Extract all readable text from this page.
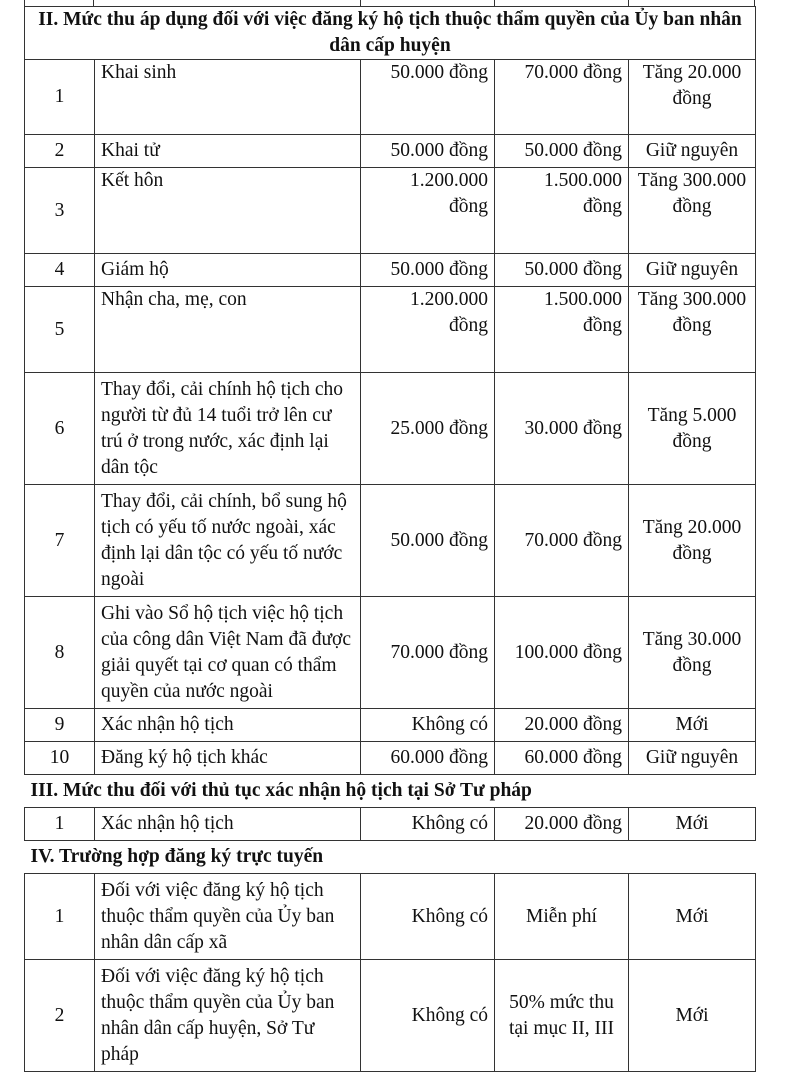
II. Mức thu áp dụng đối với việc đăng ký hộ tịch thuộc thẩm quyền của Ủy ban nhân dân cấp huyện				
1	Khai sinh	50.000 đồng	70.000 đồng	Tăng 20.000 đồng
2	Khai tử	50.000 đồng	50.000 đồng	Giữ nguyên
3	Kết hôn	1.200.000 đồng	1.500.000 đồng	Tăng 300.000 đồng
4	Giám hộ	50.000 đồng	50.000 đồng	Giữ nguyên
5	Nhận cha, mẹ, con	1.200.000 đồng	1.500.000 đồng	Tăng 300.000 đồng
6	Thay đổi, cải chính hộ tịch cho người từ đủ 14 tuổi trở lên cư trú ở trong nước, xác định lại dân tộc	25.000 đồng	30.000 đồng	Tăng 5.000 đồng
7	Thay đổi, cải chính, bổ sung hộ tịch có yếu tố nước ngoài, xác định lại dân tộc có yếu tố nước ngoài	50.000 đồng	70.000 đồng	Tăng 20.000 đồng
8	Ghi vào Sổ hộ tịch việc hộ tịch của công dân Việt Nam đã được giải quyết tại cơ quan có thẩm quyền của nước ngoài	70.000 đồng	100.000 đồng	Tăng 30.000 đồng
9	Xác nhận hộ tịch	Không có	20.000 đồng	Mới
10	Đăng ký hộ tịch khác	60.000 đồng	60.000 đồng	Giữ nguyên
III. Mức thu đối với thủ tục xác nhận hộ tịch tại Sở Tư pháp				
1	Xác nhận hộ tịch	Không có	20.000 đồng	Mới
IV. Trường hợp đăng ký trực tuyến				
1	Đối với việc đăng ký hộ tịch thuộc thẩm quyền của Ủy ban nhân dân cấp xã	Không có	Miễn phí	Mới
2	Đối với việc đăng ký hộ tịch thuộc thẩm quyền của Ủy ban nhân dân cấp huyện, Sở Tư pháp	Không có	50% mức thu tại mục II, III	Mới
